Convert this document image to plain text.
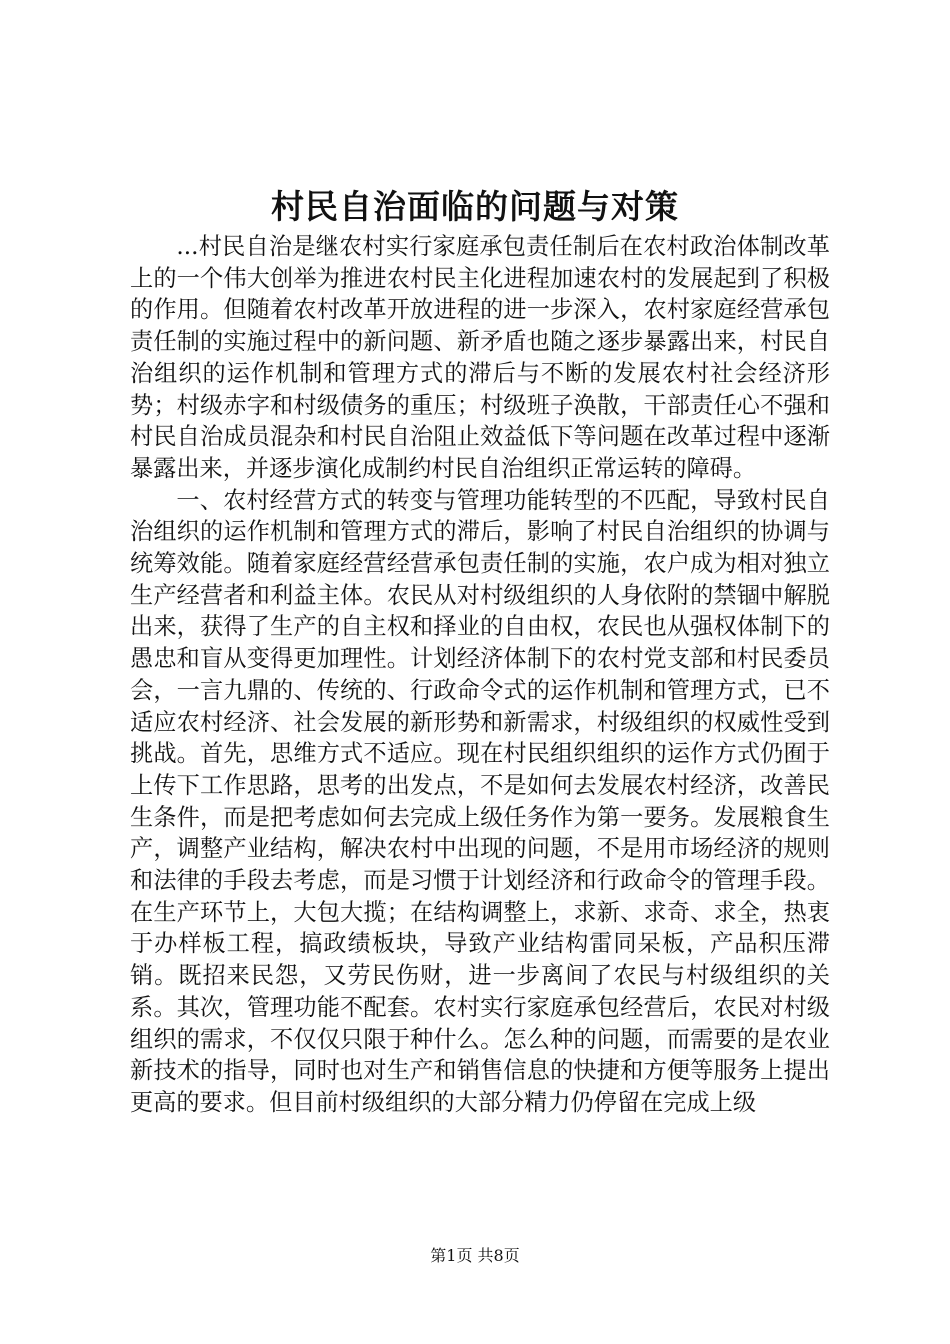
村民自治面临的问题与对策

...村民自治是继农村实行家庭承包责任制后在农村政治体制改革上的一个伟大创举为推进农村民主化进程加速农村的发展起到了积极的作用。但随着农村改革开放进程的进一步深入，农村家庭经营承包责任制的实施过程中的新问题、新矛盾也随之逐步暴露出来，村民自治组织的运作机制和管理方式的滞后与不断的发展农村社会经济形势；村级赤字和村级债务的重压；村级班子涣散，干部责任心不强和村民自治成员混杂和村民自治阻止效益低下等问题在改革过程中逐渐暴露出来，并逐步演化成制约村民自治组织正常运转的障碍。

一、农村经营方式的转变与管理功能转型的不匹配，导致村民自治组织的运作机制和管理方式的滞后，影响了村民自治组织的协调与统筹效能。随着家庭经营经营承包责任制的实施，农户成为相对独立生产经营者和利益主体。农民从对村级组织的人身依附的禁锢中解脱出来，获得了生产的自主权和择业的自由权，农民也从强权体制下的愚忠和盲从变得更加理性。计划经济体制下的农村党支部和村民委员会，一言九鼎的、传统的、行政命令式的运作机制和管理方式，已不适应农村经济、社会发展的新形势和新需求，村级组织的权威性受到挑战。首先，思维方式不适应。现在村民组织组织的运作方式仍囿于上传下工作思路，思考的出发点，不是如何去发展农村经济，改善民生条件，而是把考虑如何去完成上级任务作为第一要务。发展粮食生产，调整产业结构，解决农村中出现的问题，不是用市场经济的规则和法律的手段去考虑，而是习惯于计划经济和行政命令的管理手段。在生产环节上，大包大揽；在结构调整上，求新、求奇、求全，热衷于办样板工程，搞政绩板块，导致产业结构雷同呆板，产品积压滞销。既招来民怨，又劳民伤财，进一步离间了农民与村级组织的关系。其次，管理功能不配套。农村实行家庭承包经营后，农民对村级组织的需求，不仅仅只限于种什么。怎么种的问题，而需要的是农业新技术的指导，同时也对生产和销售信息的快捷和方便等服务上提出更高的要求。但目前村级组织的大部分精力仍停留在完成上级

第1页 共8页
